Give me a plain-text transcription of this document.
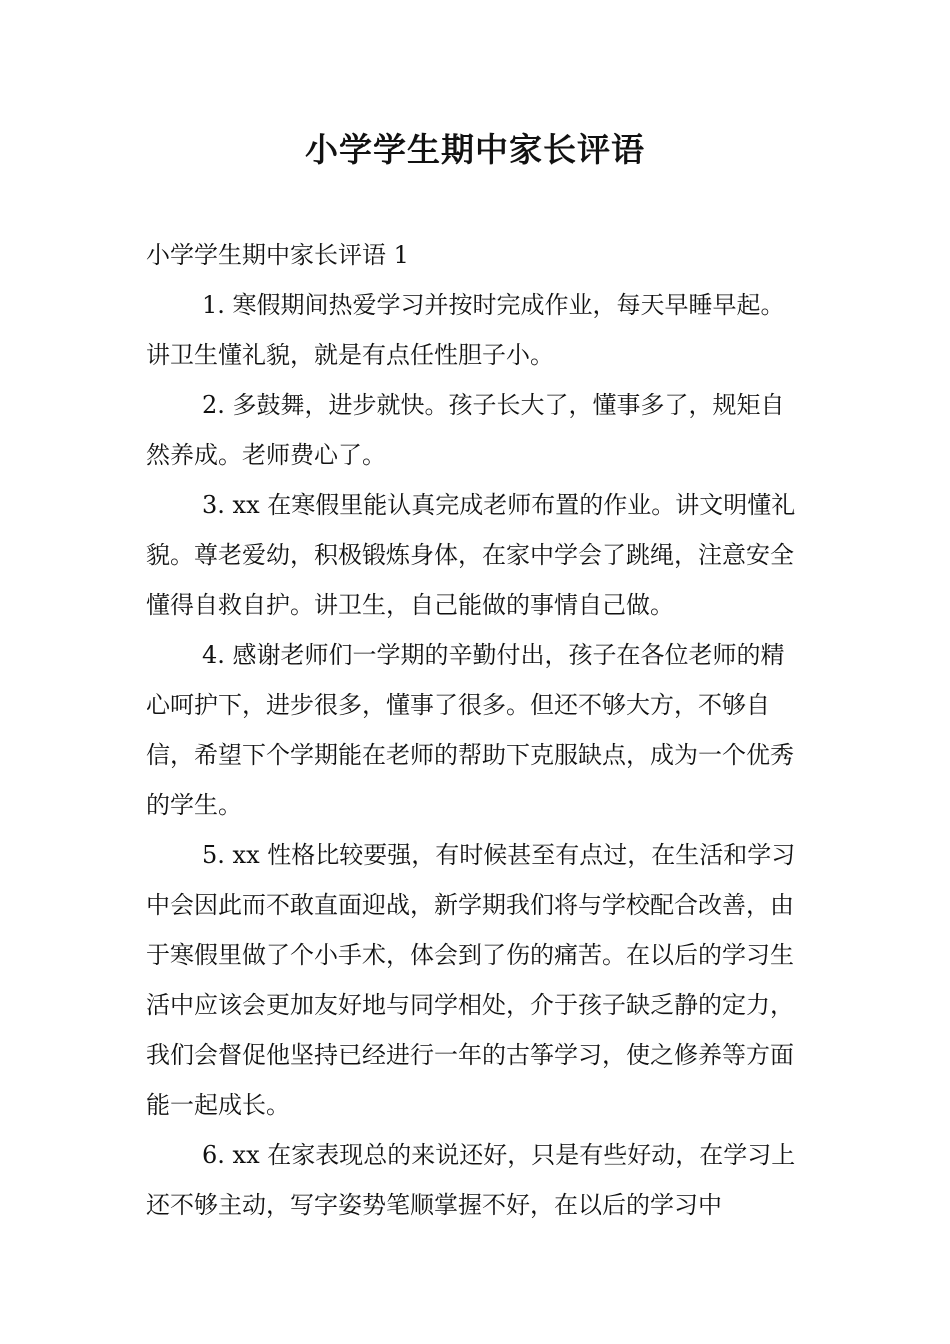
小学学生期中家长评语

小学学生期中家长评语 1

1. 寒假期间热爱学习并按时完成作业，每天早睡早起。讲卫生懂礼貌，就是有点任性胆子小。

2. 多鼓舞，进步就快。孩子长大了，懂事多了，规矩自然养成。老师费心了。

3. xx 在寒假里能认真完成老师布置的作业。讲文明懂礼貌。尊老爱幼，积极锻炼身体，在家中学会了跳绳，注意安全懂得自救自护。讲卫生，自己能做的事情自己做。

4. 感谢老师们一学期的辛勤付出，孩子在各位老师的精心呵护下，进步很多，懂事了很多。但还不够大方，不够自信，希望下个学期能在老师的帮助下克服缺点，成为一个优秀的学生。

5. xx 性格比较要强，有时候甚至有点过，在生活和学习中会因此而不敢直面迎战，新学期我们将与学校配合改善，由于寒假里做了个小手术，体会到了伤的痛苦。在以后的学习生活中应该会更加友好地与同学相处，介于孩子缺乏静的定力，我们会督促他坚持已经进行一年的古筝学习，使之修养等方面能一起成长。

6. xx 在家表现总的来说还好，只是有些好动，在学习上还不够主动，写字姿势笔顺掌握不好，在以后的学习中
